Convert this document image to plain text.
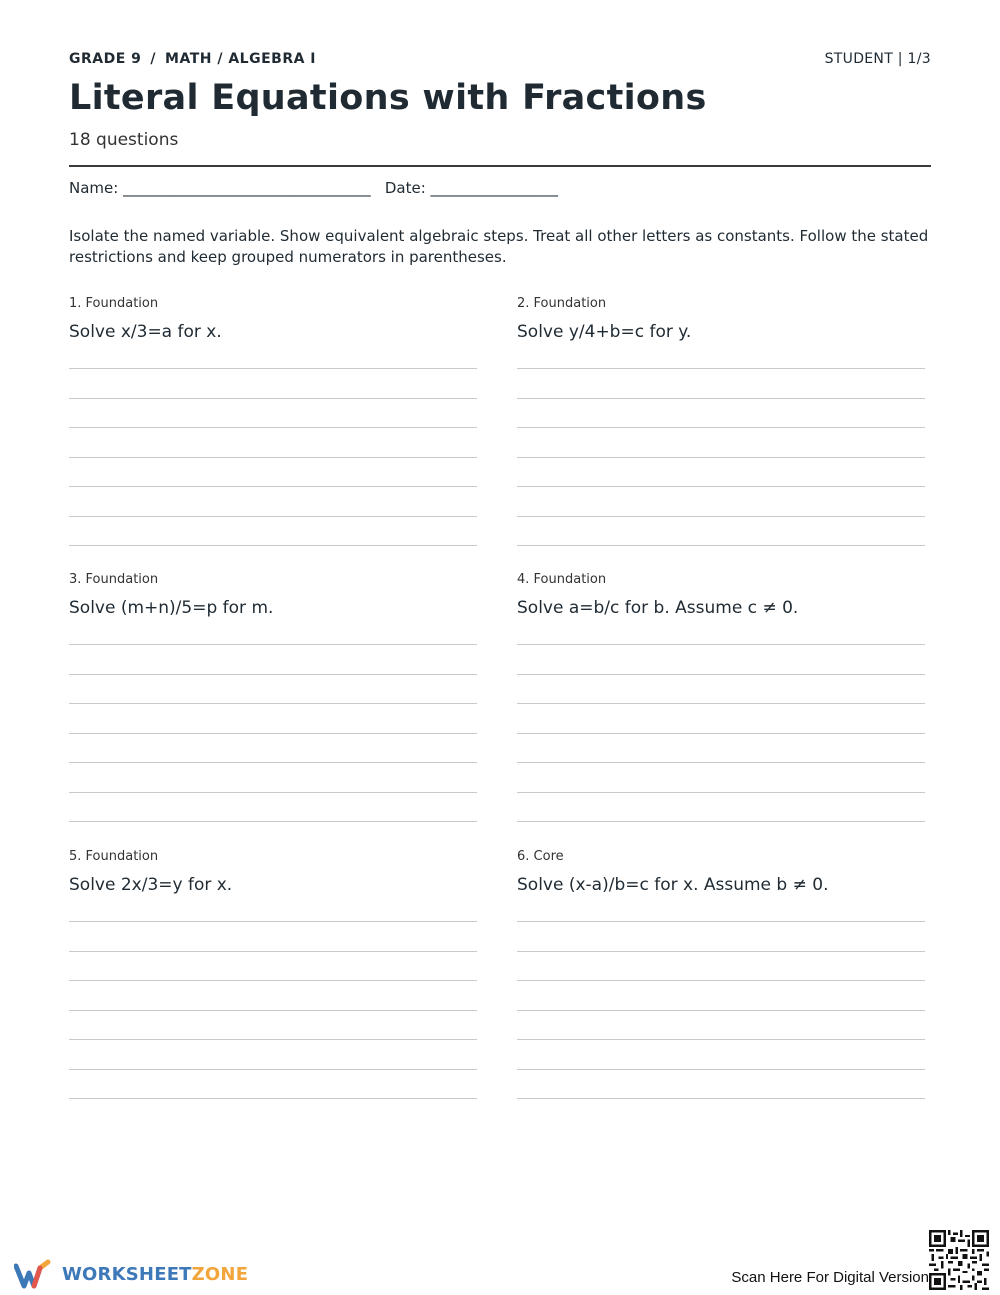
GRADE 9 / MATH / ALGEBRA I	STUDENT | 1/3
Literal Equations with Fractions
18 questions
Name: _________________________________   Date: _________________
Isolate the named variable. Show equivalent algebraic steps. Treat all other letters as constants. Follow the stated restrictions and keep grouped numerators in parentheses.
1. Foundation
Solve x/3=a for x.
2. Foundation
Solve y/4+b=c for y.
3. Foundation
Solve (m+n)/5=p for m.
4. Foundation
Solve a=b/c for b. Assume c ≠ 0.
5. Foundation
Solve 2x/3=y for x.
6. Core
Solve (x-a)/b=c for x. Assume b ≠ 0.
WORKSHEETZONE	Scan Here For Digital Version
